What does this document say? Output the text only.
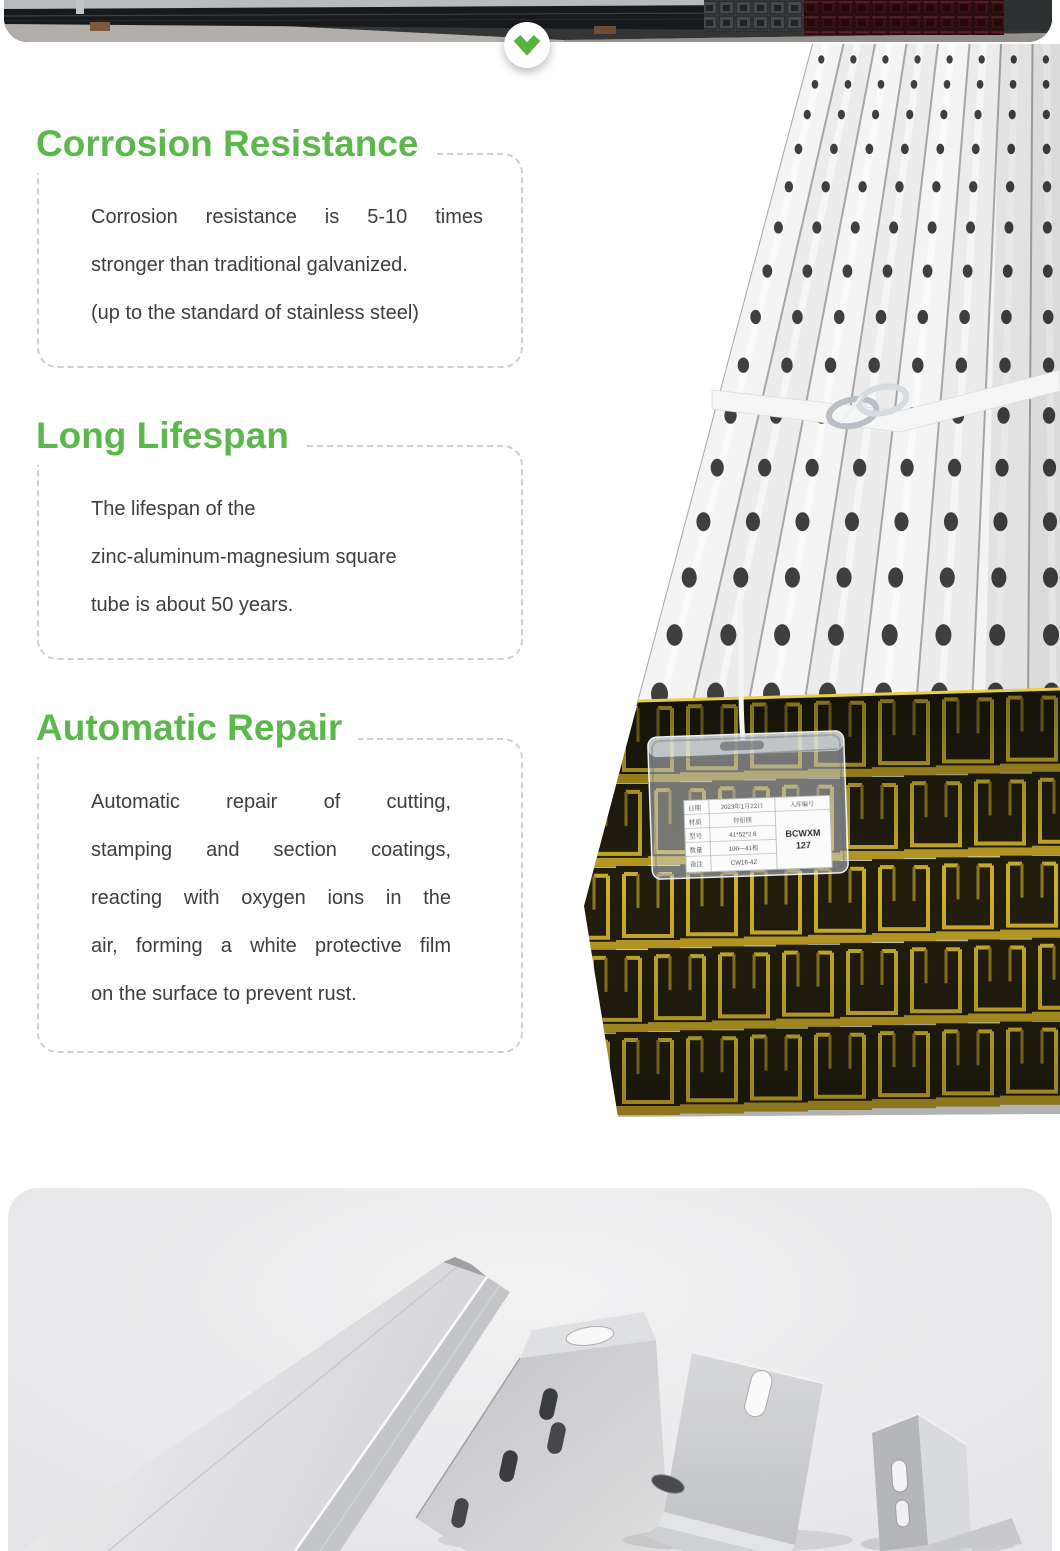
日期
材质
型号
数量
备注
2023年1月22日
锌铝镁
41*52*2.6
100—41根
CW16-4Z
入库编号
BCWXM
127
Corrosion Resistance
Corrosion resistance is 5-10 times
stronger than traditional galvanized.
(up to the standard of stainless steel)
Long Lifespan
The lifespan of the
zinc-aluminum-magnesium square
tube is about 50 years.
Automatic Repair
Automatic repair of cutting,
stamping and section coatings,
reacting with oxygen ions in the
air, forming a white protective film
on the surface to prevent rust.
